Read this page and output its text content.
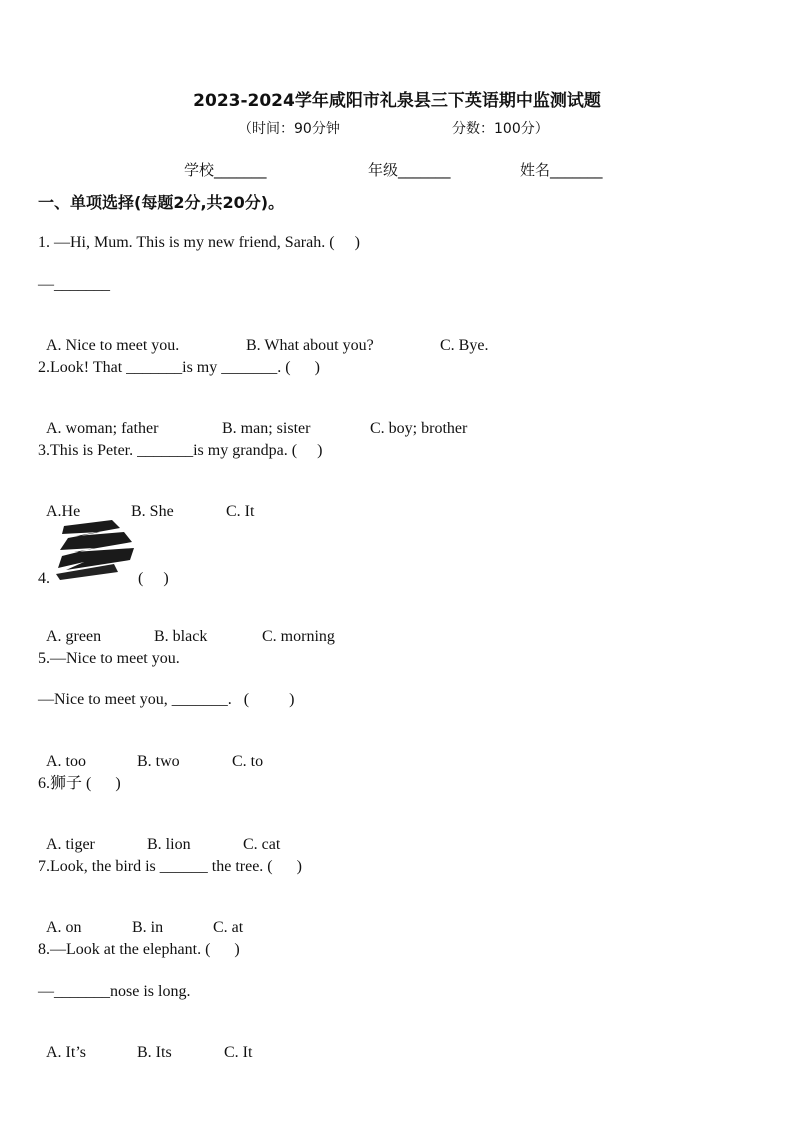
2023-2024学年咸阳市礼泉县三下英语期中监测试题
（时间：90分钟	分数：100分）
学校_______	年级_______	姓名_______
一、单项选择(每题2分,共20分)。
1. —Hi, Mum. This is my new friend, Sarah. (     )
—_______

A. Nice to meet you.	B. What about you?	C. Bye.

2.Look! That _______is my _______. (      )

A. woman; father	B. man; sister	C. boy; brother

3.This is Peter. _______is my grandpa. (     )

A.He	B. She	C. It

4.	(     )

A. green	B. black	C. morning

5.—Nice to meet you.
—Nice to meet you, _______.   (          )

A. too	B. two	C. to

6.狮子 (      )

A. tiger	B. lion	C. cat

7.Look, the bird is ______ the tree. (      )

A. on	B. in	C. at

8.—Look at the elephant. (      )
—_______nose is long.

A. It’s	B. Its	C. It
